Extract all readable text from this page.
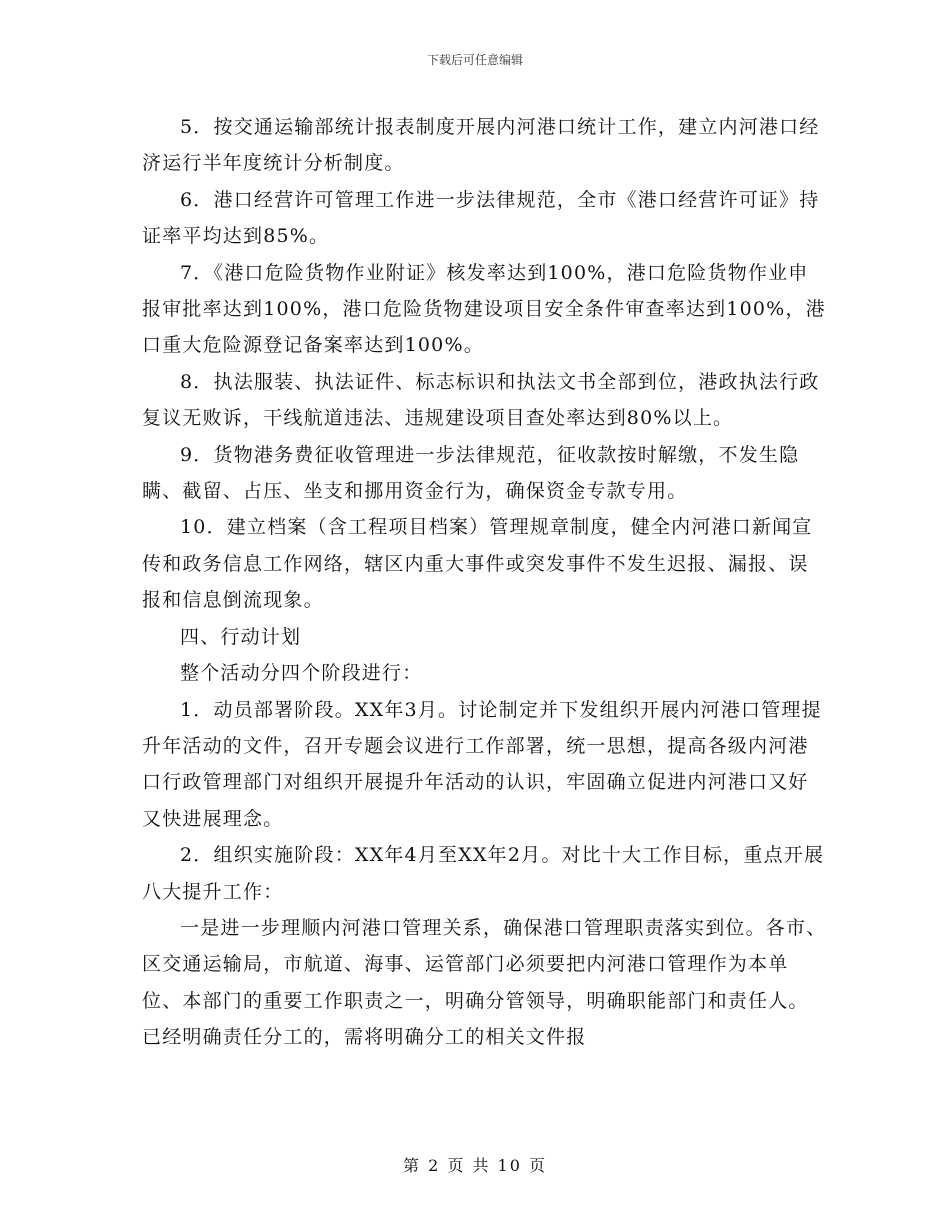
下载后可任意编辑

5．按交通运输部统计报表制度开展内河港口统计工作，建立内河港口经济运行半年度统计分析制度。

6．港口经营许可管理工作进一步法律规范，全市《港口经营许可证》持证率平均达到85%。

7．《港口危险货物作业附证》核发率达到100%，港口危险货物作业申报审批率达到100%，港口危险货物建设项目安全条件审查率达到100%，港口重大危险源登记备案率达到100%。

8．执法服装、执法证件、标志标识和执法文书全部到位，港政执法行政复议无败诉，干线航道违法、违规建设项目查处率达到80%以上。

9．货物港务费征收管理进一步法律规范，征收款按时解缴，不发生隐瞒、截留、占压、坐支和挪用资金行为，确保资金专款专用。

10．建立档案（含工程项目档案）管理规章制度，健全内河港口新闻宣传和政务信息工作网络，辖区内重大事件或突发事件不发生迟报、漏报、误报和信息倒流现象。

四、行动计划

整个活动分四个阶段进行：

1．动员部署阶段。XX年3月。讨论制定并下发组织开展内河港口管理提升年活动的文件，召开专题会议进行工作部署，统一思想，提高各级内河港口行政管理部门对组织开展提升年活动的认识，牢固确立促进内河港口又好又快进展理念。

2．组织实施阶段：XX年4月至XX年2月。对比十大工作目标，重点开展八大提升工作：

一是进一步理顺内河港口管理关系，确保港口管理职责落实到位。各市、区交通运输局，市航道、海事、运管部门必须要把内河港口管理作为本单位、本部门的重要工作职责之一，明确分管领导，明确职能部门和责任人。已经明确责任分工的，需将明确分工的相关文件报

第 2 页 共 10 页
